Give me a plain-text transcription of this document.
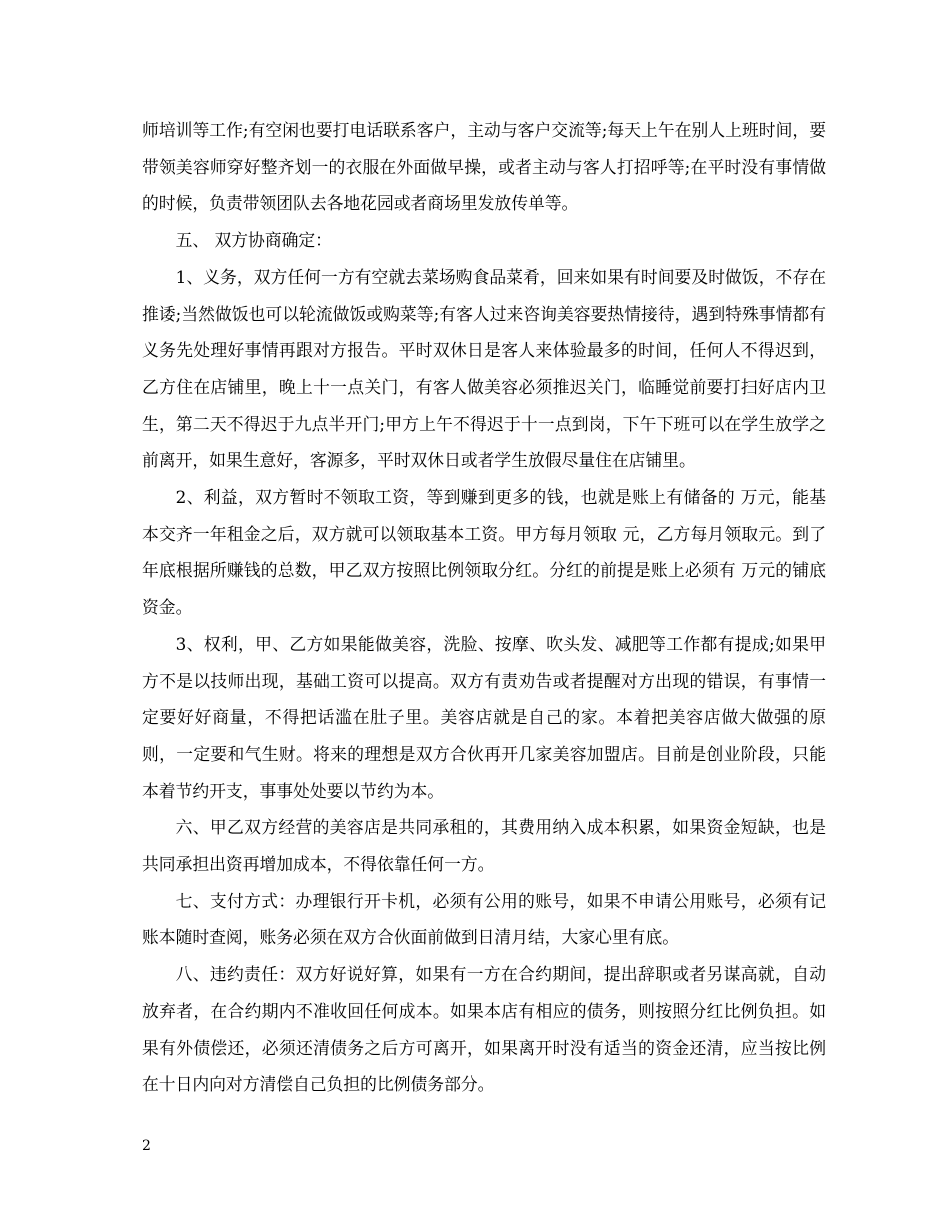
师培训等工作;有空闲也要打电话联系客户，主动与客户交流等;每天上午在别人上班时间，要带领美容师穿好整齐划一的衣服在外面做早操，或者主动与客人打招呼等;在平时没有事情做的时候，负责带领团队去各地花园或者商场里发放传单等。

五、 双方协商确定：

1、义务，双方任何一方有空就去菜场购食品菜肴，回来如果有时间要及时做饭，不存在推诿;当然做饭也可以轮流做饭或购菜等;有客人过来咨询美容要热情接待，遇到特殊事情都有义务先处理好事情再跟对方报告。平时双休日是客人来体验最多的时间，任何人不得迟到，乙方住在店铺里，晚上十一点关门，有客人做美容必须推迟关门，临睡觉前要打扫好店内卫生，第二天不得迟于九点半开门;甲方上午不得迟于十一点到岗，下午下班可以在学生放学之前离开，如果生意好，客源多，平时双休日或者学生放假尽量住在店铺里。

2、利益，双方暂时不领取工资，等到赚到更多的钱，也就是账上有储备的 万元，能基本交齐一年租金之后，双方就可以领取基本工资。甲方每月领取 元，乙方每月领取元。到了年底根据所赚钱的总数，甲乙双方按照比例领取分红。分红的前提是账上必须有 万元的铺底资金。

3、权利，甲、乙方如果能做美容，洗脸、按摩、吹头发、减肥等工作都有提成;如果甲方不是以技师出现，基础工资可以提高。双方有责劝告或者提醒对方出现的错误，有事情一定要好好商量，不得把话滥在肚子里。美容店就是自己的家。本着把美容店做大做强的原则，一定要和气生财。将来的理想是双方合伙再开几家美容加盟店。目前是创业阶段，只能本着节约开支，事事处处要以节约为本。

六、甲乙双方经营的美容店是共同承租的，其费用纳入成本积累，如果资金短缺，也是共同承担出资再增加成本，不得依靠任何一方。

七、支付方式：办理银行开卡机，必须有公用的账号，如果不申请公用账号，必须有记账本随时查阅，账务必须在双方合伙面前做到日清月结，大家心里有底。

八、违约责任：双方好说好算，如果有一方在合约期间，提出辞职或者另谋高就，自动放弃者，在合约期内不准收回任何成本。如果本店有相应的债务，则按照分红比例负担。如果有外债偿还，必须还清债务之后方可离开，如果离开时没有适当的资金还清，应当按比例在十日内向对方清偿自己负担的比例债务部分。

2
